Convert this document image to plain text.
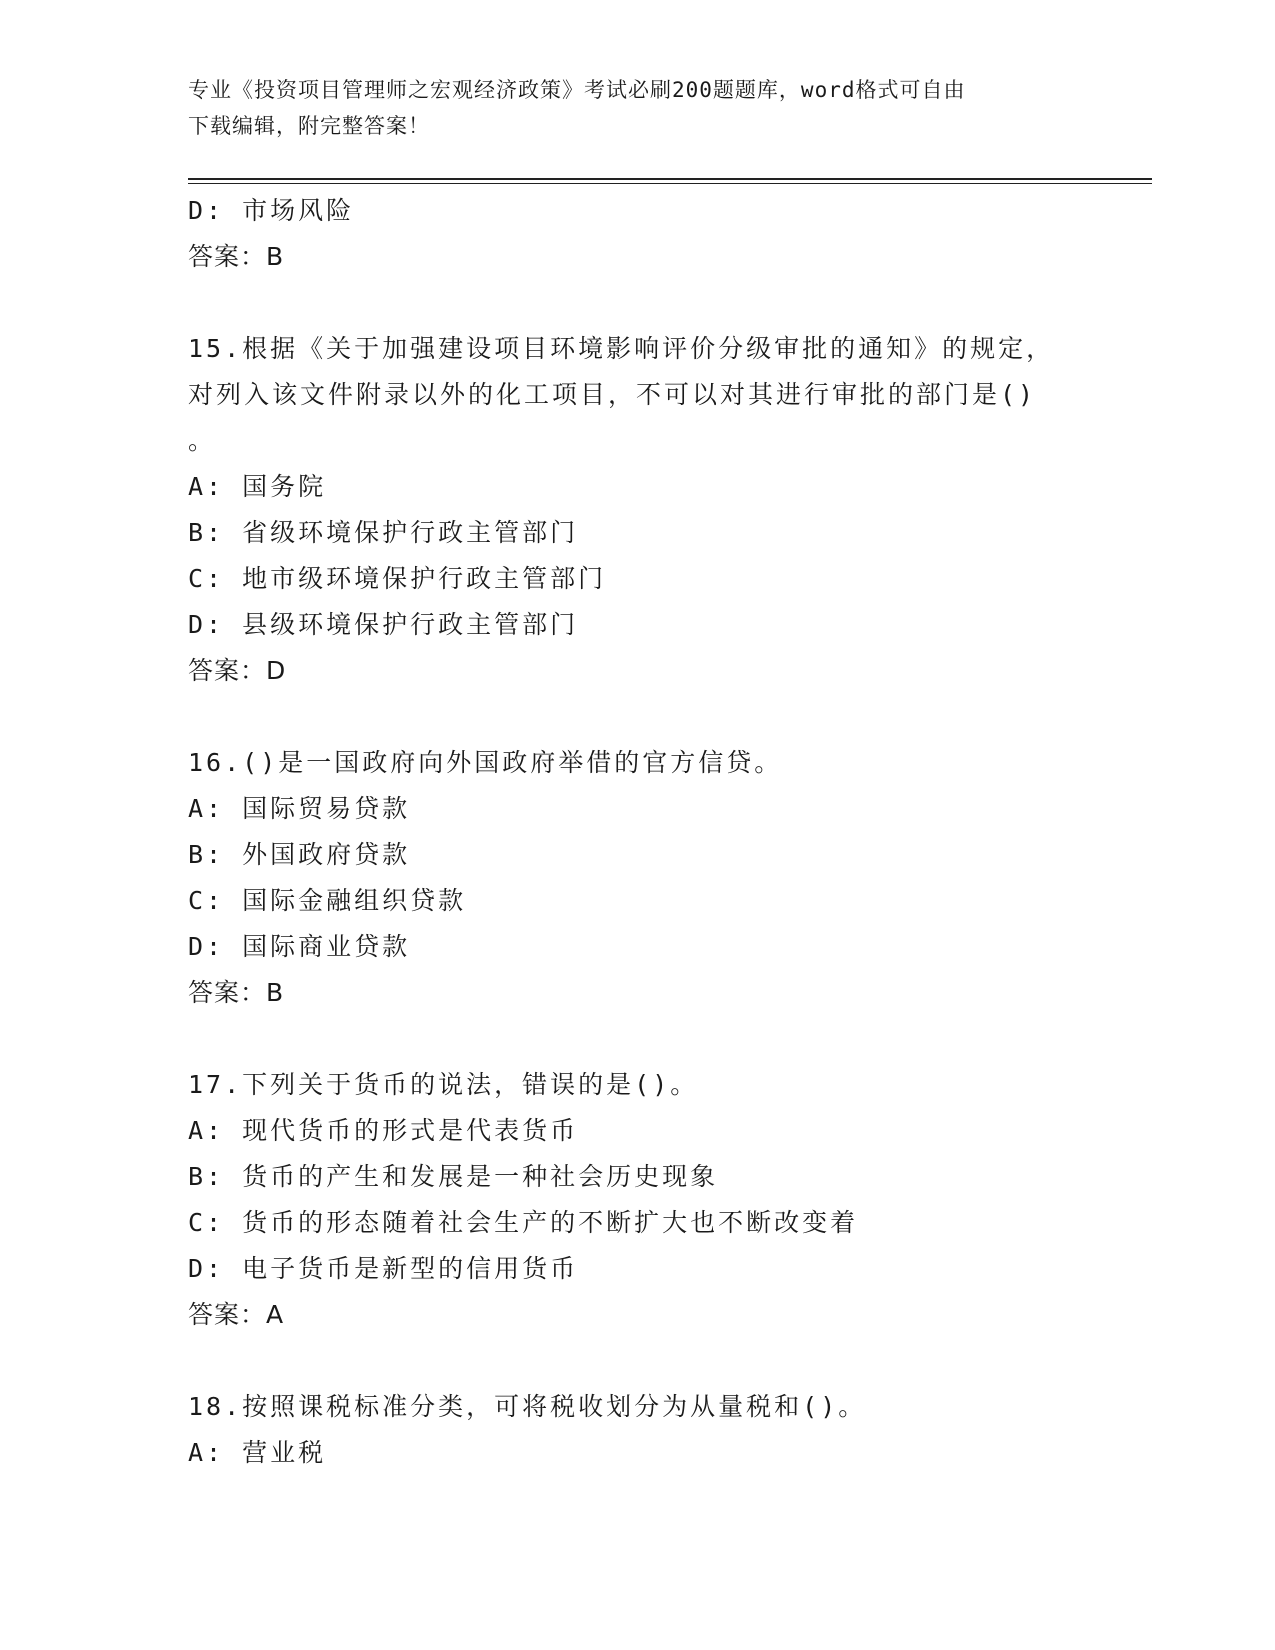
专业《投资项目管理师之宏观经济政策》考试必刷200题题库，word格式可自由
下载编辑，附完整答案！
D: 市场风险
答案：B
15.根据《关于加强建设项目环境影响评价分级审批的通知》的规定，
对列入该文件附录以外的化工项目，不可以对其进行审批的部门是()
。
A: 国务院
B: 省级环境保护行政主管部门
C: 地市级环境保护行政主管部门
D: 县级环境保护行政主管部门
答案：D
16.()是一国政府向外国政府举借的官方信贷。
A: 国际贸易贷款
B: 外国政府贷款
C: 国际金融组织贷款
D: 国际商业贷款
答案：B
17.下列关于货币的说法，错误的是()。
A: 现代货币的形式是代表货币
B: 货币的产生和发展是一种社会历史现象
C: 货币的形态随着社会生产的不断扩大也不断改变着
D: 电子货币是新型的信用货币
答案：A
18.按照课税标准分类，可将税收划分为从量税和()。
A: 营业税
